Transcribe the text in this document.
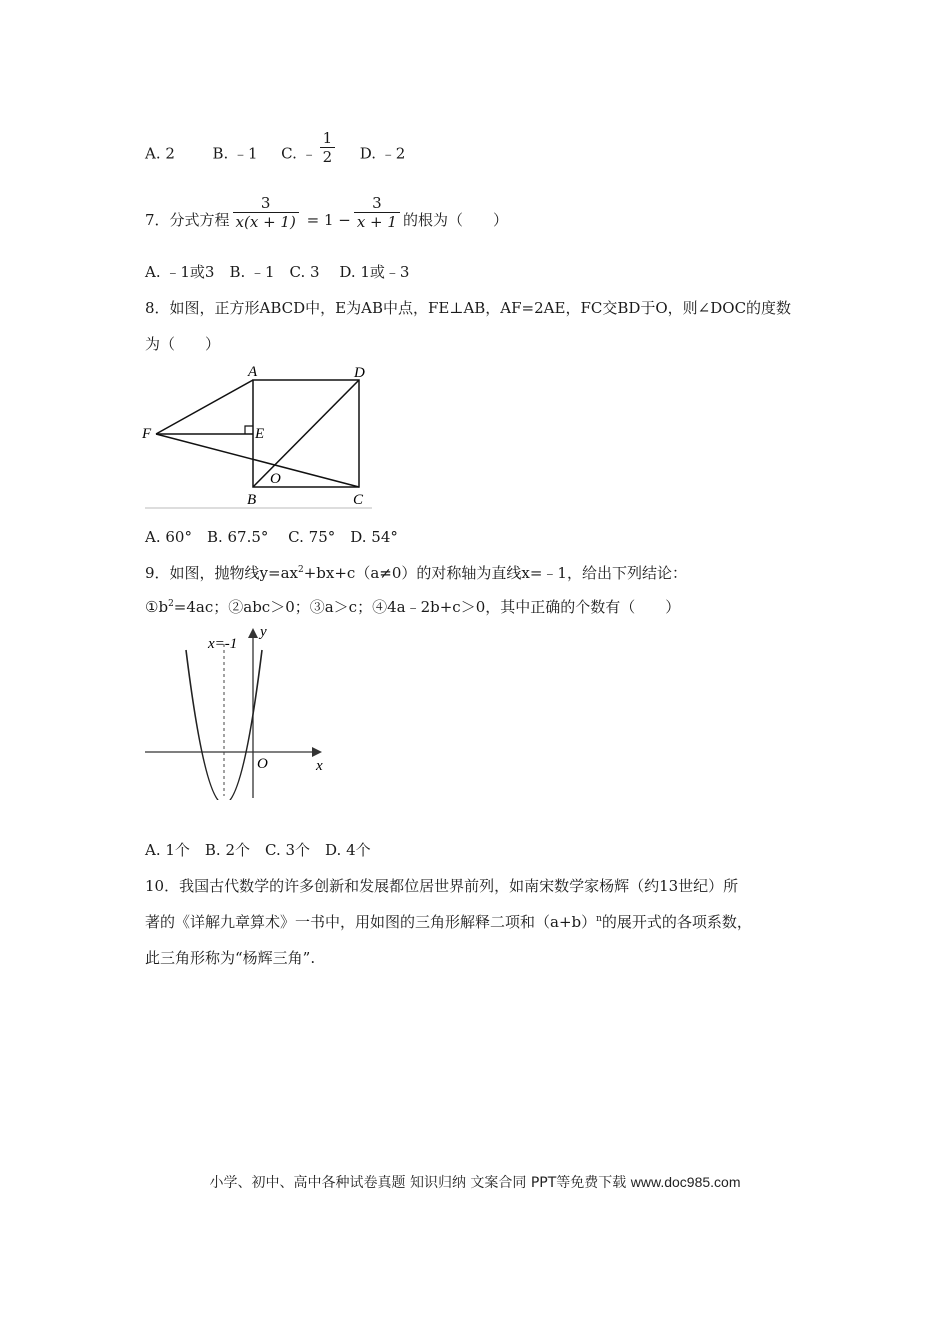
A. 2	B. ﹣1 C. ﹣ $\frac{1}{2} D$. ﹣2
7．分式方程 $\frac{3}{x(x + 1)} = 1 - \frac{3}{x + 1}$ 的根为（　　）
A. ﹣1或3　B. ﹣1　C. 3　 D. 1或﹣3
8．如图，正方形ABCD中，E为AB中点，FE⊥AB，AF=2AE，FC交BD于O，则∠DOC的度数
为（　　）
A	D
F	E
O
B	C
A. 60°　B. 67.5°　 C. 75°　D. 54°
9．如图，抛物线$y=ax^2+bx+c(a\ne 0)$的对称轴为直线x=﹣1，给出下列结论：
$①b^2=4ac$；②abc＞0；③a＞c；④4a﹣2b+c＞0，其中正确的个数有（　　）
x=-1
y
x
O
A. 1个　B. 2个　C. 3个　D. 4个
10．我国古代数学的许多创新和发展都位居世界前列，如南宋数学家杨辉（约13世纪）所
著的《详解九章算术》一书中，用如图的三角形解释二项和$(a+b)^n$的展开式的各项系数，
此三角形称为“杨辉三角”.
小学、初中、高中各种试卷真题 知识归纳 文案合同 PPT等免费下载 www.doc985.com
